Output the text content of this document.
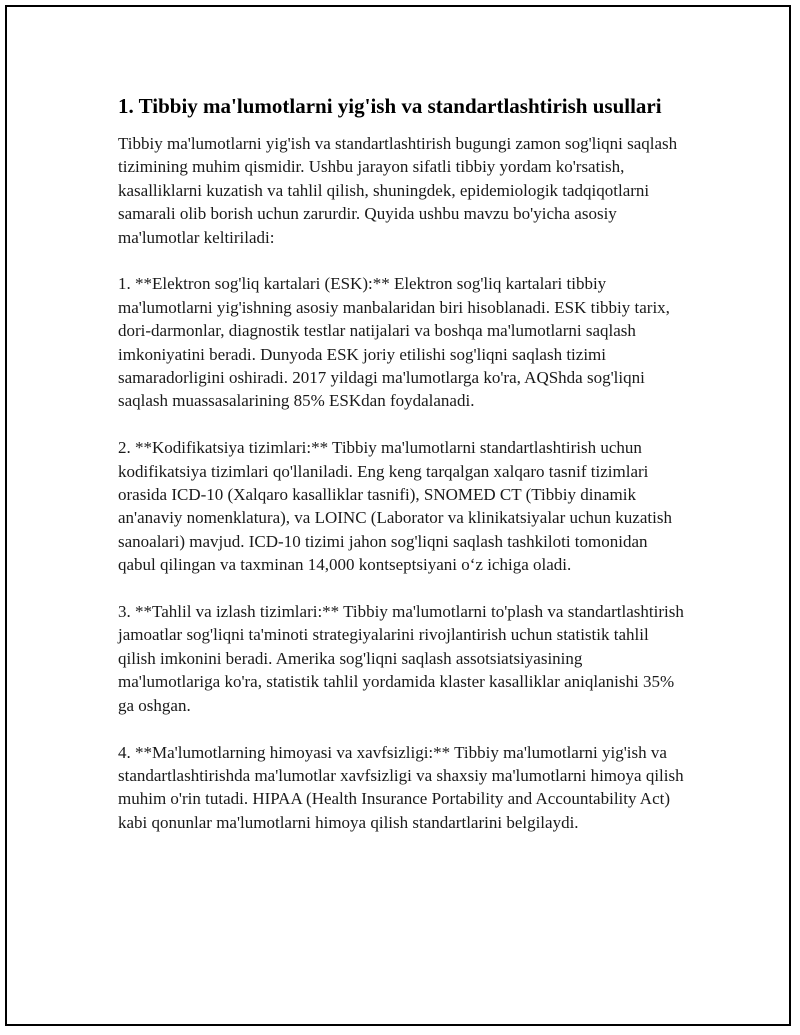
1. Tibbiy ma'lumotlarni yig'ish va standartlashtirish usullari

Tibbiy ma'lumotlarni yig'ish va standartlashtirish bugungi zamon sog'liqni saqlash tizimining muhim qismidir. Ushbu jarayon sifatli tibbiy yordam ko'rsatish, kasalliklarni kuzatish va tahlil qilish, shuningdek, epidemiologik tadqiqotlarni samarali olib borish uchun zarurdir. Quyida ushbu mavzu bo'yicha asosiy ma'lumotlar keltiriladi:

1. **Elektron sog'liq kartalari (ESK):** Elektron sog'liq kartalari tibbiy ma'lumotlarni yig'ishning asosiy manbalaridan biri hisoblanadi. ESK tibbiy tarix, dori-darmonlar, diagnostik testlar natijalari va boshqa ma'lumotlarni saqlash imkoniyatini beradi. Dunyoda ESK joriy etilishi sog'liqni saqlash tizimi samaradorligini oshiradi. 2017 yildagi ma'lumotlarga ko'ra, AQShda sog'liqni saqlash muassasalarining 85% ESKdan foydalanadi.

2. **Kodifikatsiya tizimlari:** Tibbiy ma'lumotlarni standartlashtirish uchun kodifikatsiya tizimlari qo'llaniladi. Eng keng tarqalgan xalqaro tasnif tizimlari orasida ICD-10 (Xalqaro kasalliklar tasnifi), SNOMED CT (Tibbiy dinamik an'anaviy nomenklatura), va LOINC (Laborator va klinikatsiyalar uchun kuzatish sanoalari) mavjud. ICD-10 tizimi jahon sog'liqni saqlash tashkiloti tomonidan qabul qilingan va taxminan 14,000 kontseptsiyani o‘z ichiga oladi.

3. **Tahlil va izlash tizimlari:** Tibbiy ma'lumotlarni to'plash va standartlashtirish jamoatlar sog'liqni ta'minoti strategiyalarini rivojlantirish uchun statistik tahlil qilish imkonini beradi. Amerika sog'liqni saqlash assotsiatsiyasining ma'lumotlariga ko'ra, statistik tahlil yordamida klaster kasalliklar aniqlanishi 35% ga oshgan.

4. **Ma'lumotlarning himoyasi va xavfsizligi:** Tibbiy ma'lumotlarni yig'ish va standartlashtirishda ma'lumotlar xavfsizligi va shaxsiy ma'lumotlarni himoya qilish muhim o'rin tutadi. HIPAA (Health Insurance Portability and Accountability Act) kabi qonunlar ma'lumotlarni himoya qilish standartlarini belgilaydi.
